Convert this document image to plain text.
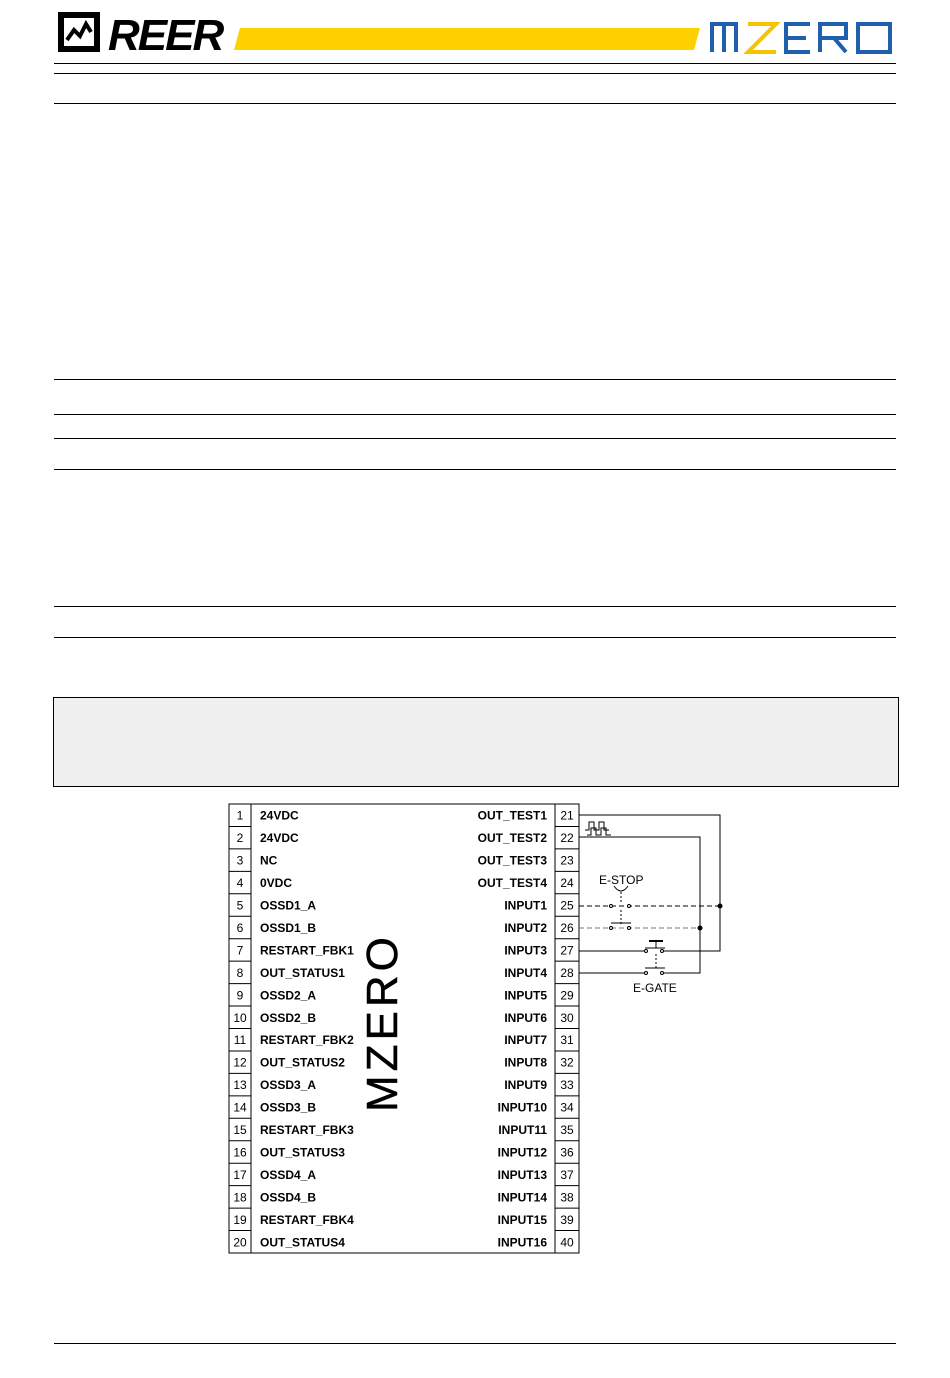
REER
1 24VDC	OUT_TEST1 21
2 24VDC	OUT_TEST2 22
3 NC	OUT_TEST3 23
4 0VDC	OUT_TEST4 24
5 OSSD1_A	INPUT1 25
6 OSSD1_B	INPUT2 26
7 RESTART_FBK1	INPUT3 27
8 OUT_STATUS1	INPUT4 28
9 OSSD2_A	INPUT5 29
10 OSSD2_B	INPUT6 30
11 RESTART_FBK2	INPUT7 31
12 OUT_STATUS2	INPUT8 32
13 OSSD3_A	INPUT9 33
14 OSSD3_B	INPUT10 34
15 RESTART_FBK3	INPUT11 35
16 OUT_STATUS3	INPUT12 36
17 OSSD4_A	INPUT13 37
18 OSSD4_B	INPUT14 38
19 RESTART_FBK4	INPUT15 39
20 OUT_STATUS4	INPUT16 40
MZERO
E-STOP
E-GATE
